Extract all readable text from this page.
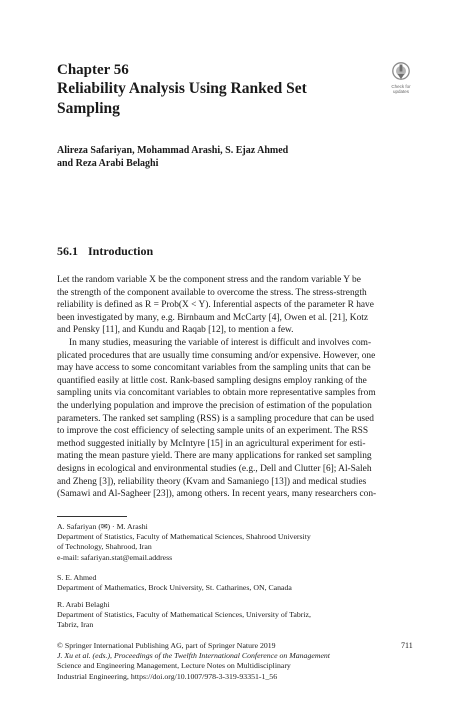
Chapter 56
Reliability Analysis Using Ranked Set
Sampling
Check for
updates
Alireza Safariyan, Mohammad Arashi, S. Ejaz Ahmed
and Reza Arabi Belaghi
56.1 Introduction
Let the random variable X be the component stress and the random variable Y be
the strength of the component available to overcome the stress. The stress-strength
reliability is defined as R = Prob(X < Y). Inferential aspects of the parameter R have
been investigated by many, e.g. Birnbaum and McCarty [4], Owen et al. [21], Kotz
and Pensky [11], and Kundu and Raqab [12], to mention a few.
In many studies, measuring the variable of interest is difficult and involves com-
plicated procedures that are usually time consuming and/or expensive. However, one
may have access to some concomitant variables from the sampling units that can be
quantified easily at little cost. Rank-based sampling designs employ ranking of the
sampling units via concomitant variables to obtain more representative samples from
the underlying population and improve the precision of estimation of the population
parameters. The ranked set sampling (RSS) is a sampling procedure that can be used
to improve the cost efficiency of selecting sample units of an experiment. The RSS
method suggested initially by McIntyre [15] in an agricultural experiment for esti-
mating the mean pasture yield. There are many applications for ranked set sampling
designs in ecological and environmental studies (e.g., Dell and Clutter [6]; Al-Saleh
and Zheng [3]), reliability theory (Kvam and Samaniego [13]) and medical studies
(Samawi and Al-Sagheer [23]), among others. In recent years, many researchers con-
A. Safariyan (✉) · M. Arashi
Department of Statistics, Faculty of Mathematical Sciences, Shahrood University
of Technology, Shahrood, Iran
e-mail: safariyan.stat@email.address
S. E. Ahmed
Department of Mathematics, Brock University, St. Catharines, ON, Canada
R. Arabi Belaghi
Department of Statistics, Faculty of Mathematical Sciences, University of Tabriz,
Tabriz, Iran
© Springer International Publishing AG, part of Springer Nature 2019
J. Xu et al. (eds.), Proceedings of the Twelfth International Conference on Management
Science and Engineering Management, Lecture Notes on Multidisciplinary
Industrial Engineering, https://doi.org/10.1007/978-3-319-93351-1_56
711
